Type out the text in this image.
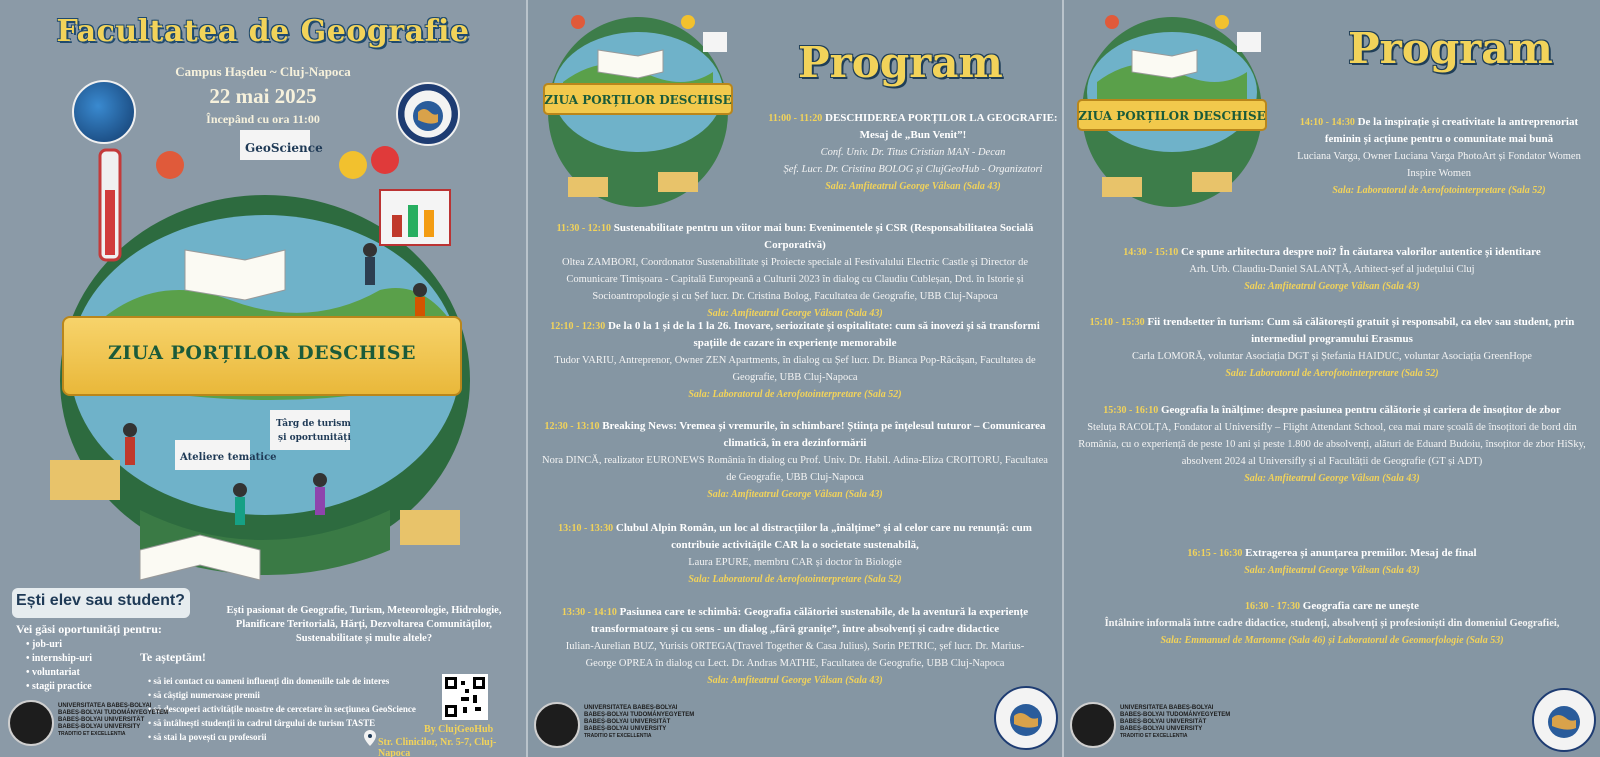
Facultatea de Geografie
Campus Hașdeu ~ Cluj-Napoca
22 mai 2025
Începând cu ora 11:00
GeoScience
Târg de turism
și oportunități
Ateliere tematice
ZIUA PORȚILOR DESCHISE
Ești elev sau student?
Vei găsi oportunități pentru:
• job-uri
• internship-uri
• voluntariat
• stagii practice
Ești pasionat de Geografie, Turism, Meteorologie, Hidrologie, Planificare Teritorială, Hărți, Dezvoltarea Comunităților, Sustenabilitate și multe altele?
Te așteptăm!
• să iei contact cu oameni influenți din domeniile tale de interes
• să câștigi numeroase premii
• să descoperi activitățile noastre de cercetare în secțiunea GeoScience
• să întâlnești studenții în cadrul târgului de turism TASTE
• să stai la povești cu profesorii
By ClujGeoHub
Str. Clinicilor, Nr. 5-7, Cluj-Napoca
UNIVERSITATEA BABEȘ-BOLYAI
BABEȘ-BOLYAI TUDOMÁNYEGYETEM
BABEȘ-BOLYAI UNIVERSITÄT
BABEȘ-BOLYAI UNIVERSITY
TRADITIO ET EXCELLENTIA
ZIUA PORȚILOR DESCHISE
Program
11:00 - 11:20 DESCHIDEREA PORȚILOR LA GEOGRAFIE: Mesaj de „Bun Venit”!
Conf. Univ. Dr. Titus Cristian MAN - Decan
Șef. Lucr. Dr. Cristina BOLOG și ClujGeoHub - Organizatori
Sala: Amfiteatrul George Vâlsan (Sala 43)
11:30 - 12:10 Sustenabilitate pentru un viitor mai bun: Evenimentele și CSR (Responsabilitatea Socială Corporativă)
Oltea ZAMBORI, Coordonator Sustenabilitate și Proiecte speciale al Festivalului Electric Castle și Director de Comunicare Timișoara - Capitală Europeană a Culturii 2023 în dialog cu Claudiu Cubleșan, Drd. în Istorie și Socioantropologie și cu Șef lucr. Dr. Cristina Bolog, Facultatea de Geografie, UBB Cluj-Napoca
Sala: Amfiteatrul George Vâlsan (Sala 43)
12:10 - 12:30 De la 0 la 1 și de la 1 la 26. Inovare, seriozitate și ospitalitate: cum să inovezi și să transformi spațiile de cazare în experiențe memorabile
Tudor VARIU, Antreprenor, Owner ZEN Apartments, în dialog cu Șef lucr. Dr. Bianca Pop-Răcășan, Facultatea de Geografie, UBB Cluj-Napoca
Sala: Laboratorul de Aerofotointerpretare (Sala 52)
12:30 - 13:10 Breaking News: Vremea și vremurile, în schimbare! Știința pe înțelesul tuturor – Comunicarea climatică, în era dezinformării
Nora DINCĂ, realizator EURONEWS România în dialog cu Prof. Univ. Dr. Habil. Adina-Eliza CROITORU, Facultatea de Geografie, UBB Cluj-Napoca
Sala: Amfiteatrul George Vâlsan (Sala 43)
13:10 - 13:30 Clubul Alpin Român, un loc al distracțiilor la „înălțime” și al celor care nu renunță: cum contribuie activitățile CAR la o societate sustenabilă,
Laura EPURE, membru CAR și doctor în Biologie
Sala: Laboratorul de Aerofotointerpretare (Sala 52)
13:30 - 14:10 Pasiunea care te schimbă: Geografia călătoriei sustenabile, de la aventură la experiențe transformatoare și cu sens - un dialog „fără granițe”, între absolvenți și cadre didactice
Iulian-Aurelian BUZ, Yurisis ORTEGA(Travel Together & Casa Julius), Sorin PETRIC, șef lucr. Dr. Marius-George OPREA în dialog cu Lect. Dr. Andras MATHE, Facultatea de Geografie, UBB Cluj-Napoca
Sala: Amfiteatrul George Vâlsan (Sala 43)
UNIVERSITATEA BABEȘ-BOLYAI
BABEȘ-BOLYAI TUDOMÁNYEGYETEM
BABEȘ-BOLYAI UNIVERSITÄT
BABEȘ-BOLYAI UNIVERSITY
TRADITIO ET EXCELLENTIA
ZIUA PORȚILOR DESCHISE
Program
14:10 - 14:30 De la inspirație și creativitate la antreprenoriat feminin și acțiune pentru o comunitate mai bună
Luciana Varga, Owner Luciana Varga PhotoArt și Fondator Women Inspire Women
Sala: Laboratorul de Aerofotointerpretare (Sala 52)
14:30 - 15:10 Ce spune arhitectura despre noi? În căutarea valorilor autentice și identitare
Arh. Urb. Claudiu-Daniel SALANȚĂ, Arhitect-șef al județului Cluj
Sala: Amfiteatrul George Vâlsan (Sala 43)
15:10 - 15:30 Fii trendsetter în turism: Cum să călătorești gratuit și responsabil, ca elev sau student, prin intermediul programului Erasmus
Carla LOMORĂ, voluntar Asociația DGT și Ștefania HAIDUC, voluntar Asociația GreenHope
Sala: Laboratorul de Aerofotointerpretare (Sala 52)
15:30 - 16:10 Geografia la înălțime: despre pasiunea pentru călătorie și cariera de însoțitor de zbor
Steluța RACOLȚA, Fondator al Universifly – Flight Attendant School, cea mai mare școală de însoțitori de bord din România, cu o experiență de peste 10 ani și peste 1.800 de absolvenți, alături de Eduard Budoiu, însoțitor de zbor HiSky, absolvent 2024 al Universifly și al Facultății de Geografie (GT și ADT)
Sala: Amfiteatrul George Vâlsan (Sala 43)
16:15 - 16:30 Extragerea și anunțarea premiilor. Mesaj de final
Sala: Amfiteatrul George Vâlsan (Sala 43)
16:30 - 17:30 Geografia care ne unește
Întâlnire informală între cadre didactice, studenți, absolvenți și profesioniști din domeniul Geografiei,
Sala: Emmanuel de Martonne (Sala 46) și Laboratorul de Geomorfologie (Sala 53)
UNIVERSITATEA BABEȘ-BOLYAI
BABEȘ-BOLYAI TUDOMÁNYEGYETEM
BABEȘ-BOLYAI UNIVERSITÄT
BABEȘ-BOLYAI UNIVERSITY
TRADITIO ET EXCELLENTIA
